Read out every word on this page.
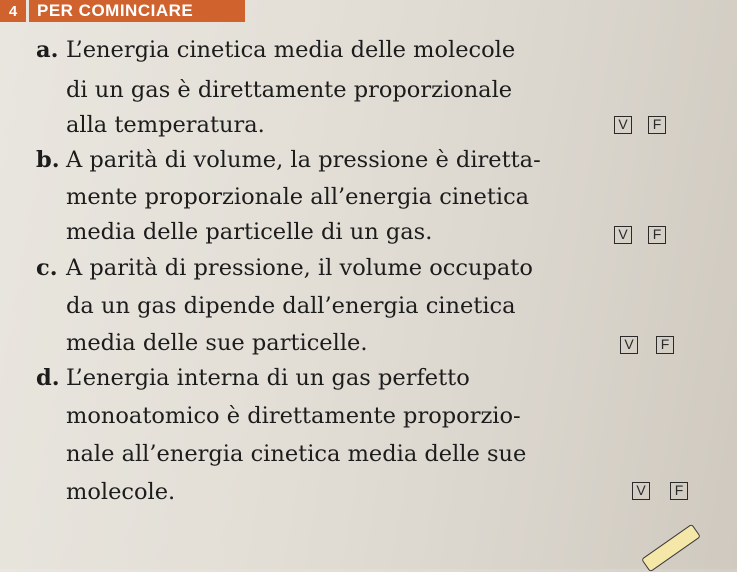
4	PER COMINCIARE
a. L’energia cinetica media delle molecole
di un gas è direttamente proporzionale
alla temperatura.	V	F
b. A parità di volume, la pressione è diretta-
mente proporzionale all’energia cinetica
media delle particelle di un gas.	V	F
c. A parità di pressione, il volume occupato
da un gas dipende dall’energia cinetica
media delle sue particelle.	V	F
d. L’energia interna di un gas perfetto
monoatomico è direttamente proporzio-
nale all’energia cinetica media delle sue
molecole.	V	F
